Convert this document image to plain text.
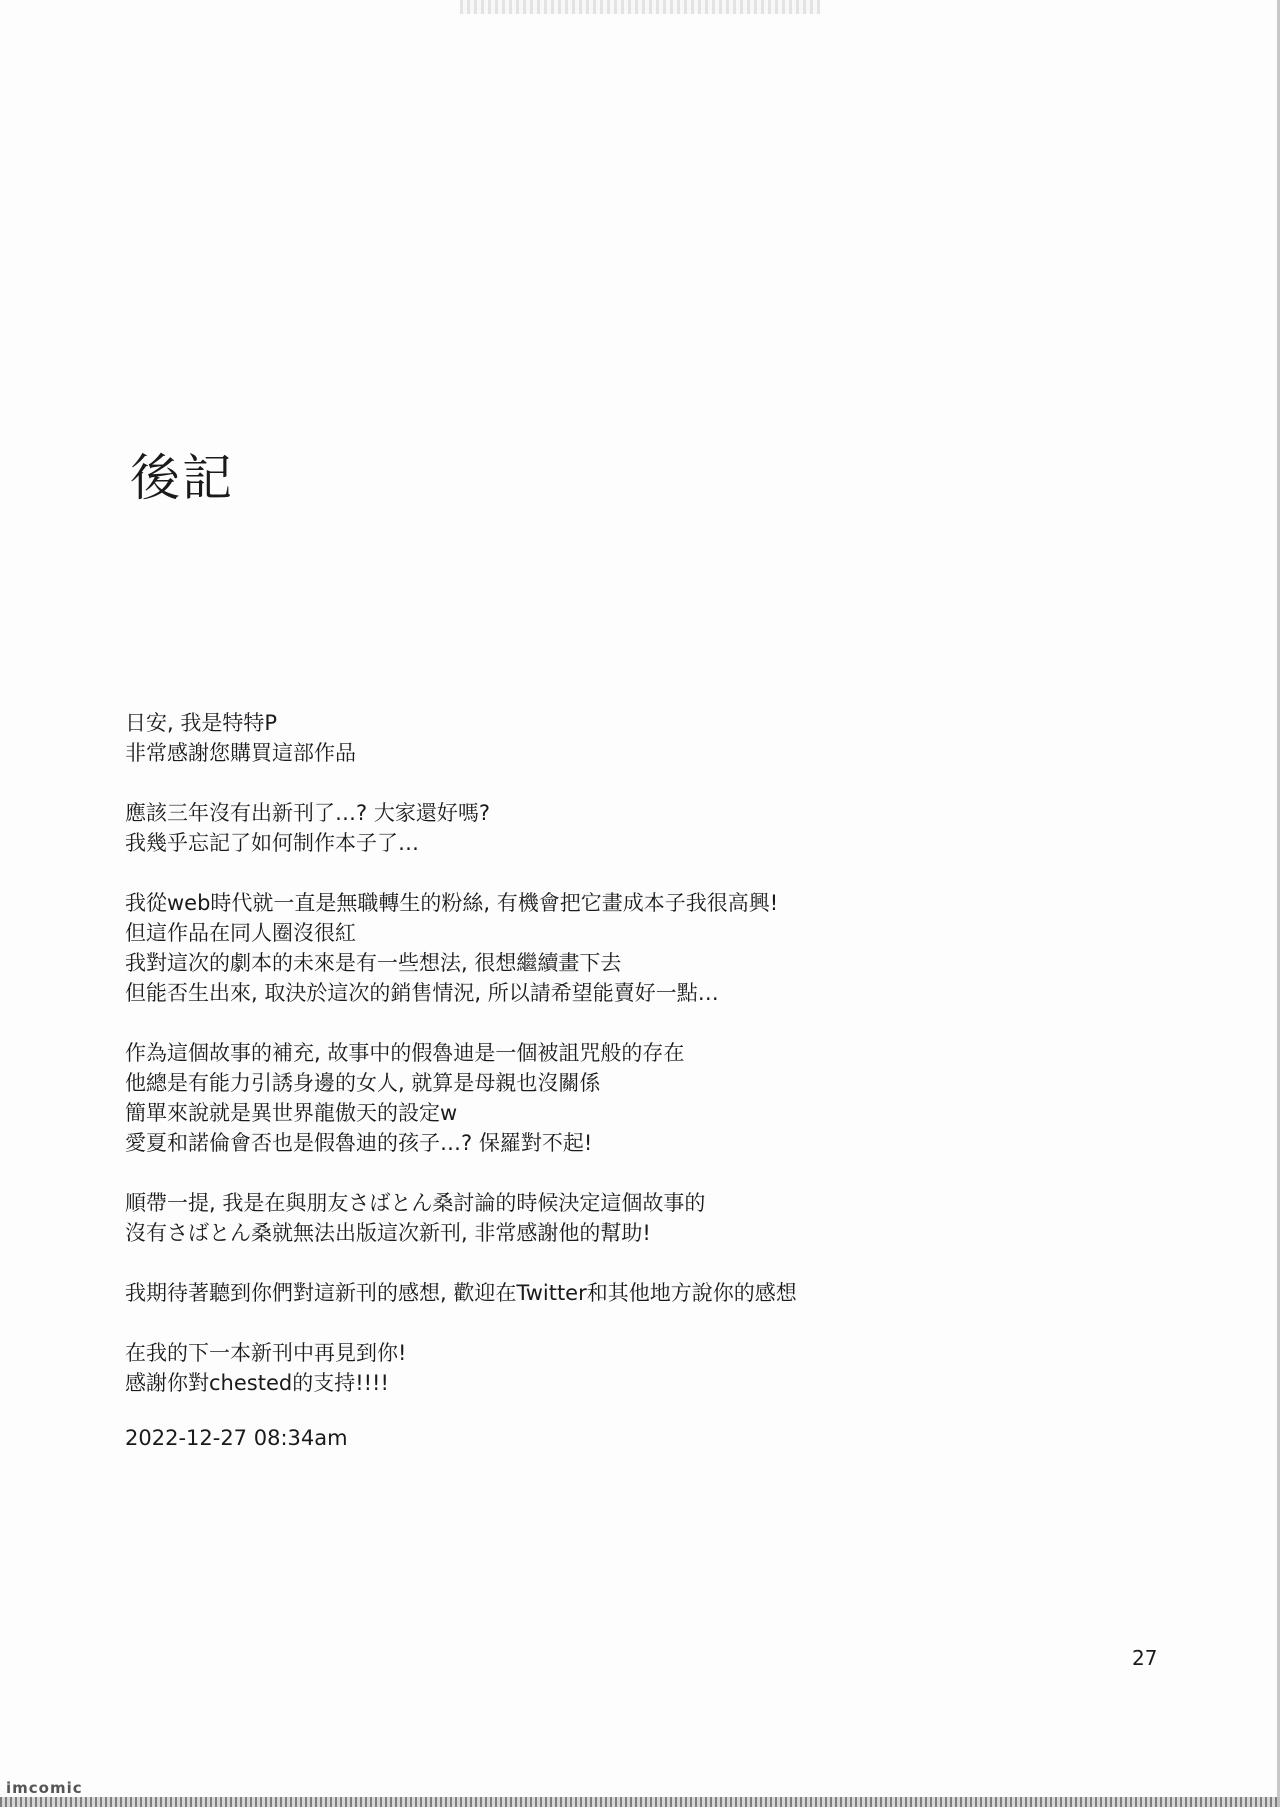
後記

日安, 我是特特P
非常感謝您購買這部作品

應該三年沒有出新刊了…? 大家還好嗎?
我幾乎忘記了如何制作本子了…

我從web時代就一直是無職轉生的粉絲, 有機會把它畫成本子我很高興!
但這作品在同人圈沒很紅
我對這次的劇本的未來是有一些想法, 很想繼續畫下去
但能否生出來, 取決於這次的銷售情況, 所以請希望能賣好一點…

作為這個故事的補充, 故事中的假魯迪是一個被詛咒般的存在
他總是有能力引誘身邊的女人, 就算是母親也沒關係
簡單來說就是異世界龍傲天的設定w
愛夏和諾倫會否也是假魯迪的孩子…? 保羅對不起!

順帶一提, 我是在與朋友さばとん桑討論的時候決定這個故事的
沒有さばとん桑就無法出版這次新刊, 非常感謝他的幫助!

我期待著聽到你們對這新刊的感想, 歡迎在Twitter和其他地方說你的感想

在我的下一本新刊中再見到你!
感謝你對chested的支持!!!!

2022-12-27 08:34am
27
imcomic
